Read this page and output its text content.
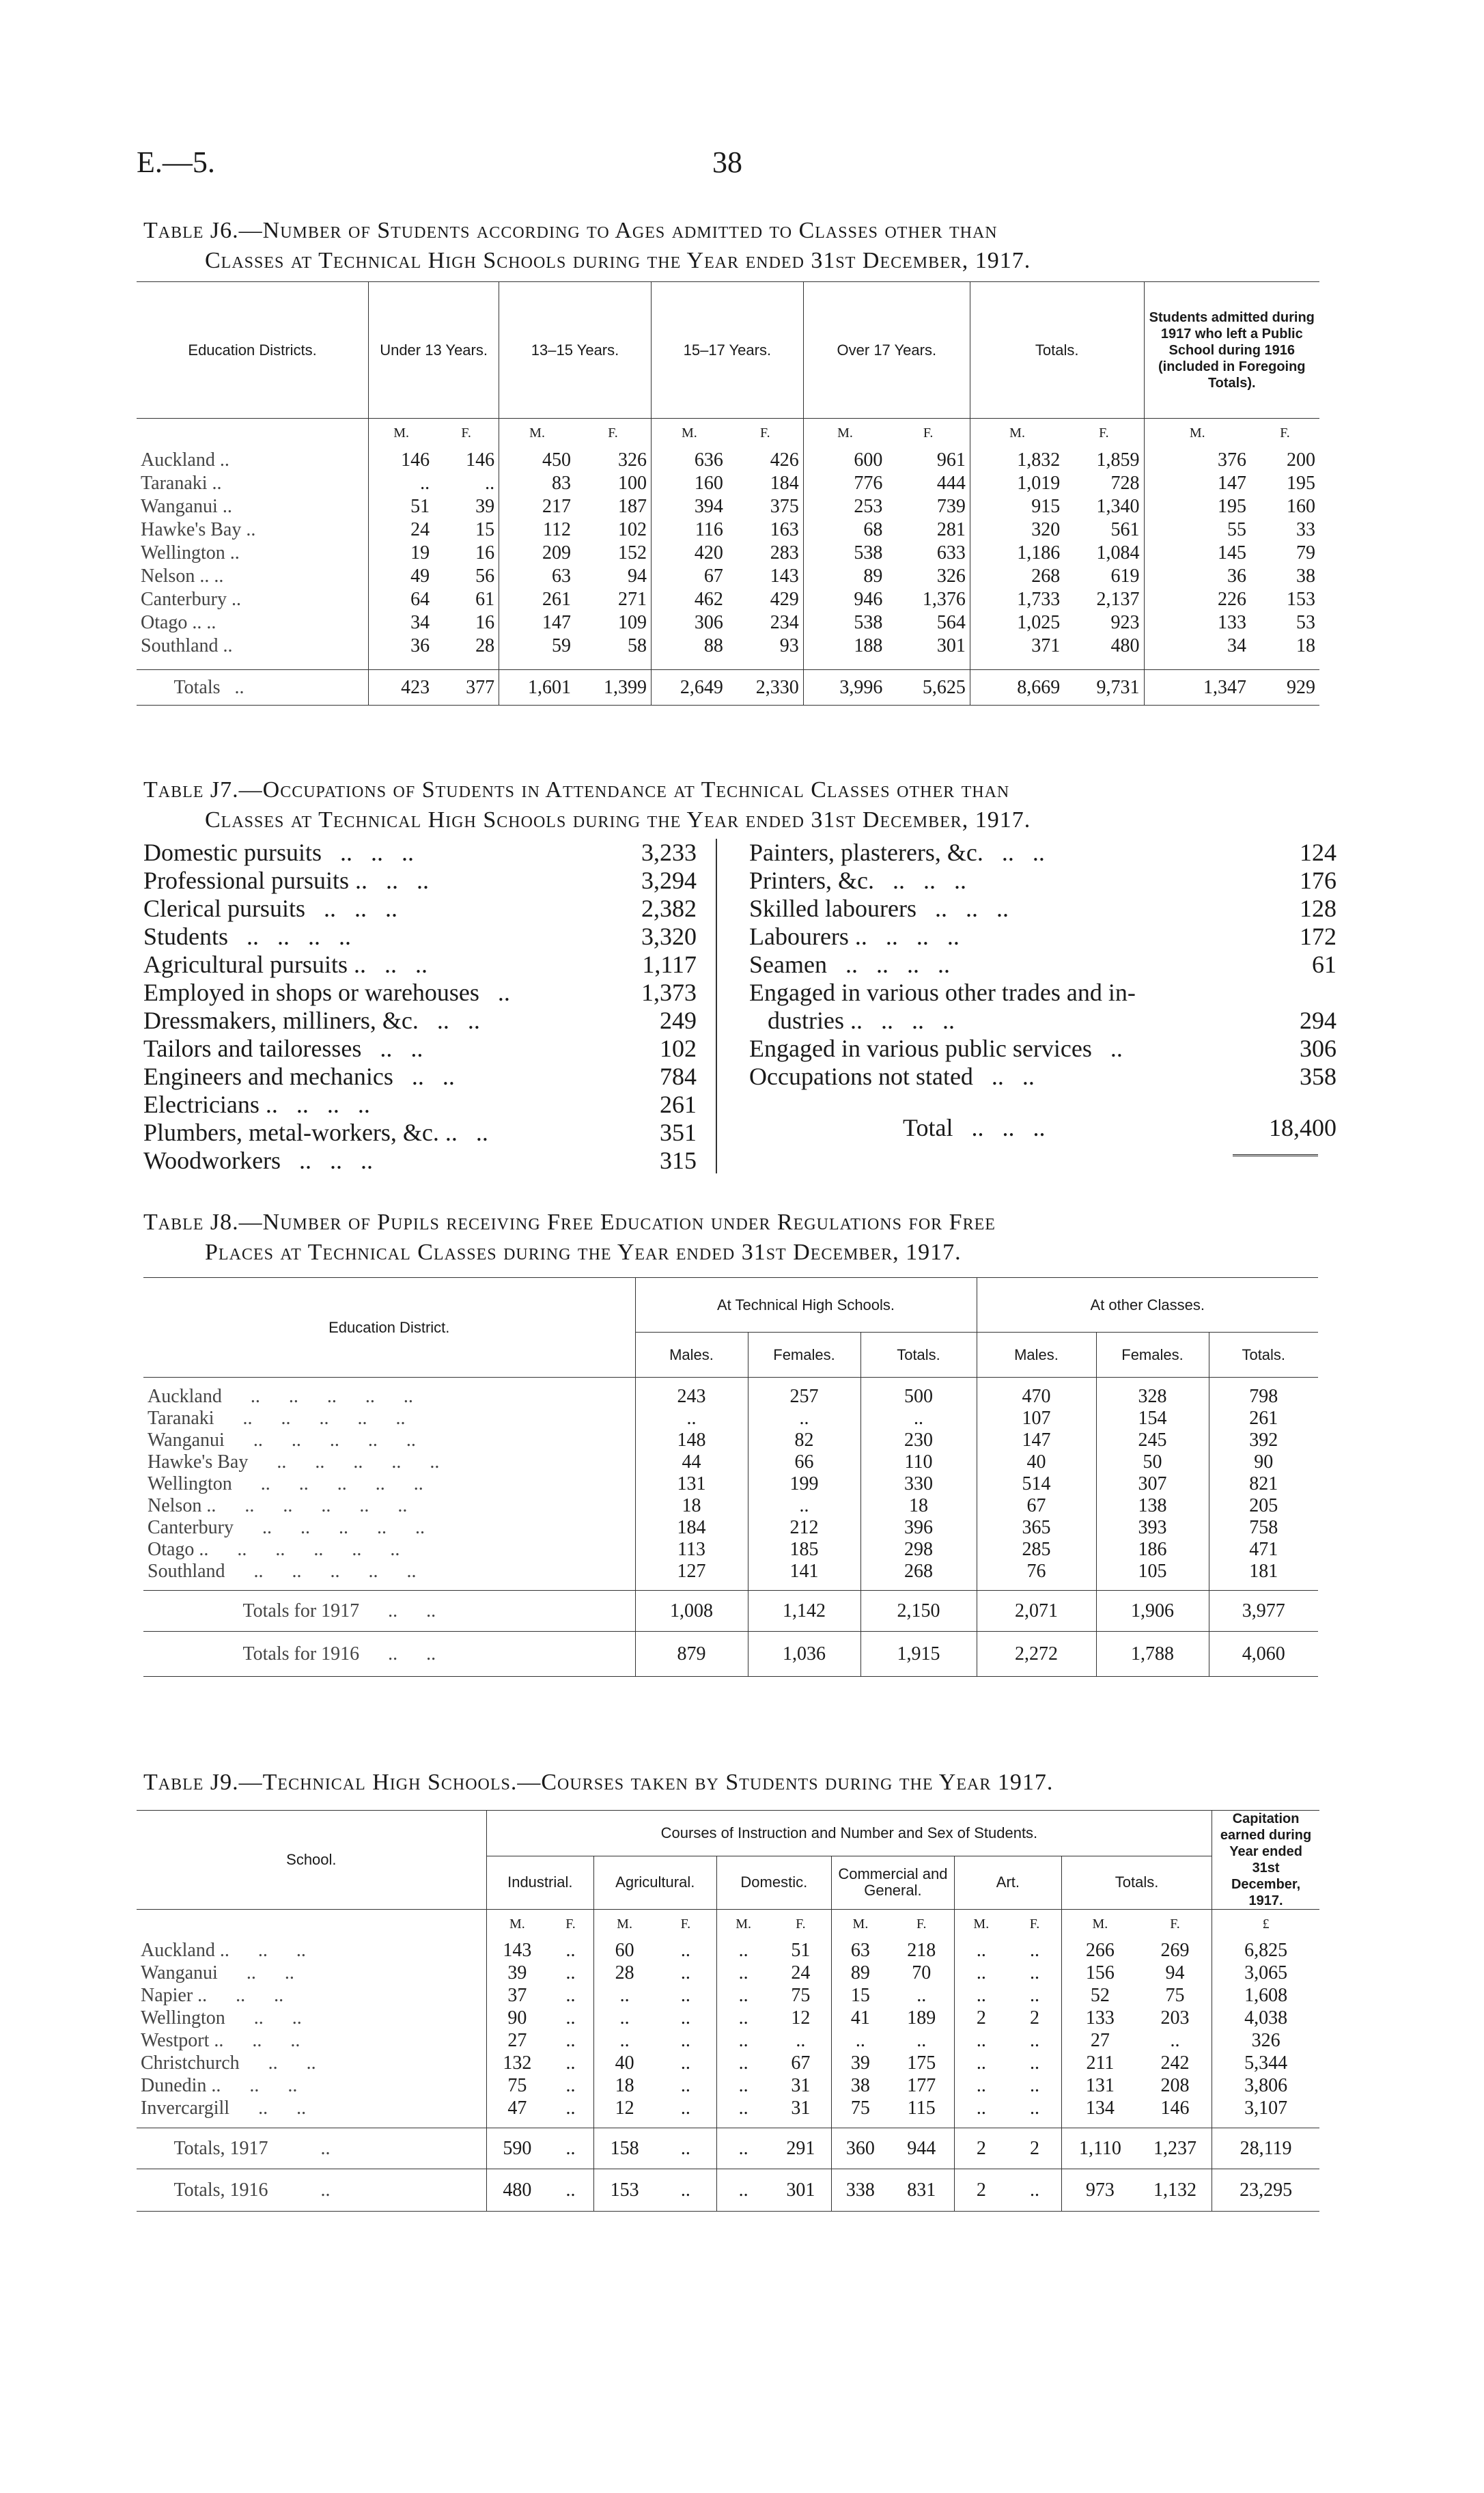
E.—5.	38
Table J6.—Number of Students according to Ages admitted to Classes other than
Classes at Technical High Schools during the Year ended 31st December, 1917.
Education Districts.	Under 13 Years.		13–15 Years.		15–17 Years.		Over 17 Years.		Totals.		Students admitted during 1917 who left a Public School during 1916 (included in Foregoing Totals).	
	M.	F.	M.	F.	M.	F.	M.	F.	M.	F.	M.	F.
Auckland ..	146	146	450	326	636	426	600	961	1,832	1,859	376	200
Taranaki ..	..	..	83	100	160	184	776	444	1,019	728	147	195
Wanganui ..	51	39	217	187	394	375	253	739	915	1,340	195	160
Hawke's Bay ..	24	15	112	102	116	163	68	281	320	561	55	33
Wellington ..	19	16	209	152	420	283	538	633	1,186	1,084	145	79
Nelson .. ..	49	56	63	94	67	143	89	326	268	619	36	38
Canterbury ..	64	61	261	271	462	429	946	1,376	1,733	2,137	226	153
Otago .. ..	34	16	147	109	306	234	538	564	1,025	923	133	53
Southland ..	36	28	59	58	88	93	188	301	371	480	34	18

Totals   ..	423	377	1,601	1,399	2,649	2,330	3,996	5,625	8,669	9,731	1,347	929
Table J7.—Occupations of Students in Attendance at Technical Classes other than
Classes at Technical High Schools during the Year ended 31st December, 1917.
Domestic pursuits   ..   ..   ..	3,233
Professional pursuits ..   ..   ..	3,294
Clerical pursuits   ..   ..   ..	2,382
Students   ..   ..   ..   ..	3,320
Agricultural pursuits ..   ..   ..	1,117
Employed in shops or warehouses   ..	1,373
Dressmakers, milliners, &c.   ..   ..	249
Tailors and tailoresses   ..   ..	102
Engineers and mechanics   ..   ..	784
Electricians ..   ..   ..   ..	261
Plumbers, metal-workers, &c. ..   ..	351
Woodworkers   ..   ..   ..	315
Painters, plasterers, &c.   ..   ..	124
Printers, &c.   ..   ..   ..	176
Skilled labourers   ..   ..   ..	128
Labourers ..   ..   ..   ..	172
Seamen   ..   ..   ..   ..	61
Engaged in various other trades and in-
dustries ..   ..   ..   ..	294
Engaged in various public services   ..	306
Occupations not stated   ..   ..	358
Total   ..   ..   ..	18,400
Table J8.—Number of Pupils receiving Free Education under Regulations for Free
Places at Technical Classes during the Year ended 31st December, 1917.
Education District.	At Technical High Schools.			At other Classes.		
	Males.	Females.	Totals.	Males.	Females.	Totals.

Auckland      ..      ..      ..      ..      ..	243	257	500	470	328	798
Taranaki      ..      ..      ..      ..      ..	..	..	..	107	154	261
Wanganui      ..      ..      ..      ..      ..	148	82	230	147	245	392
Hawke's Bay      ..      ..      ..      ..      ..	44	66	110	40	50	90
Wellington      ..      ..      ..      ..      ..	131	199	330	514	307	821
Nelson ..      ..      ..      ..      ..      ..	18	..	18	67	138	205
Canterbury      ..      ..      ..      ..      ..	184	212	396	365	393	758
Otago ..      ..      ..      ..      ..      ..	113	185	298	285	186	471
Southland      ..      ..      ..      ..      ..	127	141	268	76	105	181

Totals for 1917      ..      ..	1,008	1,142	2,150	2,071	1,906	3,977
Totals for 1916      ..      ..	879	1,036	1,915	2,272	1,788	4,060
Table J9.—Technical High Schools.—Courses taken by Students during the Year 1917.
School.	Courses of Instruction and Number and Sex of Students.												Capitation earned during Year ended 31st December, 1917.
	Industrial.		Agricultural.		Domestic.		Commercial and General.		Art.		Totals.		
	M.	F.	M.	F.	M.	F.	M.	F.	M.	F.	M.	F.	£
Auckland ..      ..      ..	143	..	60	..	..	51	63	218	..	..	266	269	6,825
Wanganui      ..      ..	39	..	28	..	..	24	89	70	..	..	156	94	3,065
Napier ..      ..      ..	37	..	..	..	..	75	15	..	..	..	52	75	1,608
Wellington      ..      ..	90	..	..	..	..	12	41	189	2	2	133	203	4,038
Westport ..      ..      ..	27	..	..	..	..	..	..	..	..	..	27	..	326
Christchurch      ..      ..	132	..	40	..	..	67	39	175	..	..	211	242	5,344
Dunedin ..      ..      ..	75	..	18	..	..	31	38	177	..	..	131	208	3,806
Invercargill      ..      ..	47	..	12	..	..	31	75	115	..	..	134	146	3,107

Totals, 1917           ..	590	..	158	..	..	291	360	944	2	2	1,110	1,237	28,119
Totals, 1916           ..	480	..	153	..	..	301	338	831	2	..	973	1,132	23,295
